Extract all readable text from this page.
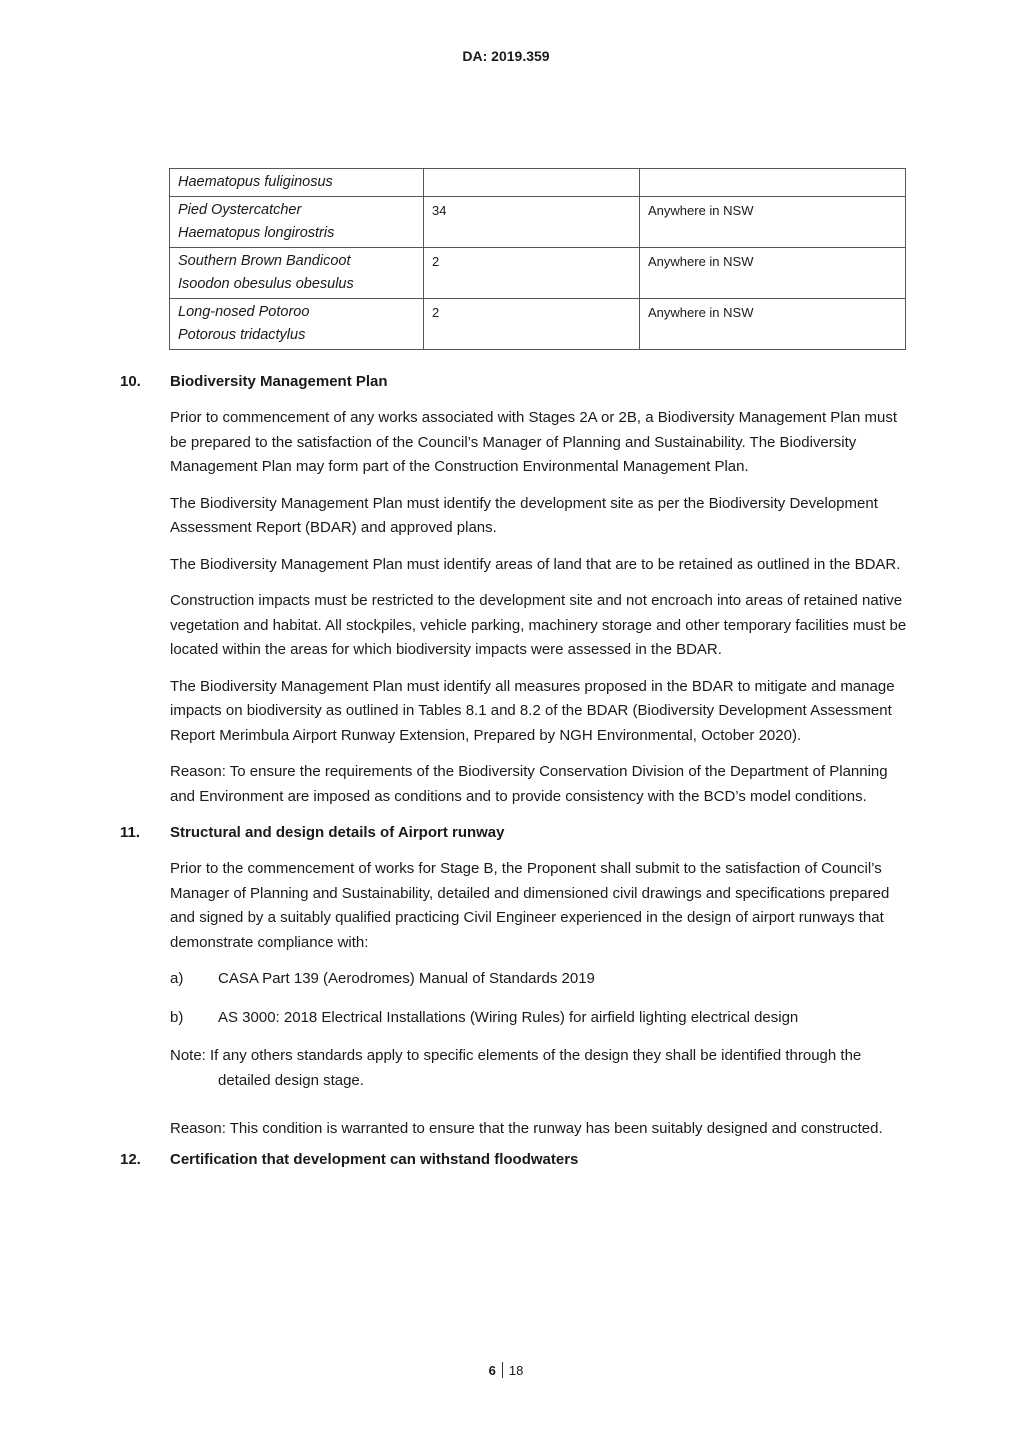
DA: 2019.359
Haematopus fuliginosus		

Pied Oystercatcher
Haematopus longirostris	34	Anywhere in NSW

Southern Brown Bandicoot
Isoodon obesulus obesulus	2	Anywhere in NSW

Long-nosed Potoroo
Potorous tridactylus	2	Anywhere in NSW
10.	Biodiversity Management Plan
Prior to commencement of any works associated with Stages 2A or 2B, a Biodiversity Management Plan must be prepared to the satisfaction of the Council’s Manager of Planning and Sustainability. The Biodiversity Management Plan may form part of the Construction Environmental Management Plan.
The Biodiversity Management Plan must identify the development site as per the Biodiversity Development Assessment Report (BDAR) and approved plans.
The Biodiversity Management Plan must identify areas of land that are to be retained as outlined in the BDAR.
Construction impacts must be restricted to the development site and not encroach into areas of retained native vegetation and habitat. All stockpiles, vehicle parking, machinery storage and other temporary facilities must be located within the areas for which biodiversity impacts were assessed in the BDAR.
The Biodiversity Management Plan must identify all measures proposed in the BDAR to mitigate and manage impacts on biodiversity as outlined in Tables 8.1 and 8.2 of the BDAR (Biodiversity Development Assessment Report Merimbula Airport Runway Extension, Prepared by NGH Environmental, October 2020).
Reason: To ensure the requirements of the Biodiversity Conservation Division of the Department of Planning and Environment are imposed as conditions and to provide consistency with the BCD’s model conditions.
11.	Structural and design details of Airport runway
Prior to the commencement of works for Stage B, the Proponent shall submit to the satisfaction of Council’s Manager of Planning and Sustainability, detailed and dimensioned civil drawings and specifications prepared and signed by a suitably qualified practicing Civil Engineer experienced in the design of airport runways that demonstrate compliance with:
a)	CASA Part 139 (Aerodromes) Manual of Standards 2019
b)	AS 3000: 2018 Electrical Installations (Wiring Rules) for airfield lighting electrical design
Note: If any others standards apply to specific elements of the design they shall be identified through the detailed design stage.
Reason: This condition is warranted to ensure that the runway has been suitably designed and constructed.
12.	Certification that development can withstand floodwaters
6 18
